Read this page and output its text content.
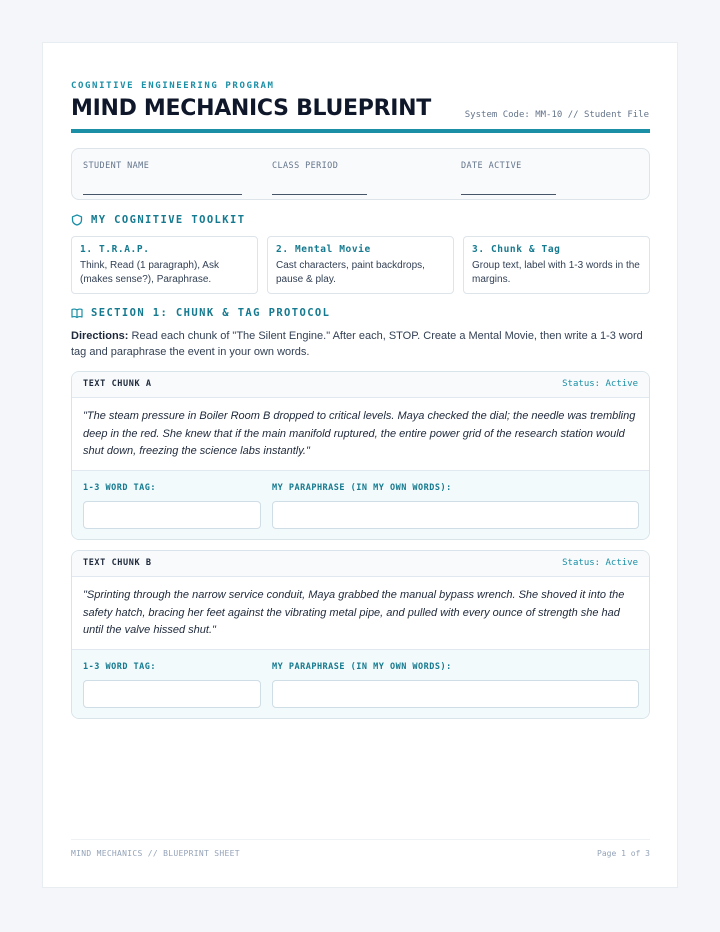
COGNITIVE ENGINEERING PROGRAM
MIND MECHANICS BLUEPRINT	System Code: MM-10 // Student File
STUDENT NAME	CLASS PERIOD	DATE ACTIVE
MY COGNITIVE TOOLKIT
1. T.R.A.P.
Think, Read (1 paragraph), Ask (makes sense?), Paraphrase.
2. Mental Movie
Cast characters, paint backdrops, pause & play.
3. Chunk & Tag
Group text, label with 1-3 words in the margins.
SECTION 1: CHUNK & TAG PROTOCOL
Directions: Read each chunk of "The Silent Engine." After each, STOP. Create a Mental Movie, then write a 1-3 word tag and paraphrase the event in your own words.
TEXT CHUNK A	Status: Active
"The steam pressure in Boiler Room B dropped to critical levels. Maya checked the dial; the needle was trembling deep in the red. She knew that if the main manifold ruptured, the entire power grid of the research station would shut down, freezing the science labs instantly."
1-3 WORD TAG:	MY PARAPHRASE (IN MY OWN WORDS):
TEXT CHUNK B	Status: Active
"Sprinting through the narrow service conduit, Maya grabbed the manual bypass wrench. She shoved it into the safety hatch, bracing her feet against the vibrating metal pipe, and pulled with every ounce of strength she had until the valve hissed shut."
1-3 WORD TAG:	MY PARAPHRASE (IN MY OWN WORDS):
MIND MECHANICS // BLUEPRINT SHEET	Page 1 of 3
